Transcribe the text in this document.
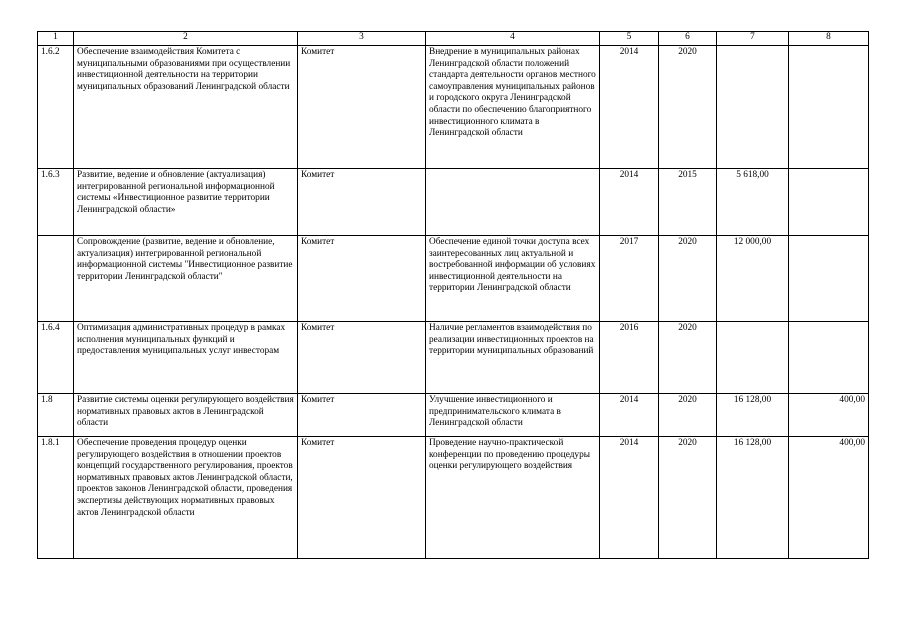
1	2	3	4	5	6	7	8
1.6.2	Обеспечение взаимодействия Комитета с муниципальными образованиями при осуществлении инвестиционной деятельности на территории муниципальных образований Ленинградской области	Комитет	Внедрение в муниципальных районах Ленинградской области положений стандарта деятельности органов местного самоуправления муниципальных районов и городского округа Ленинградской области по обеспечению благоприятного инвестиционного климата в Ленинградской области	2014	2020		
1.6.3	Развитие, ведение и обновление (актуализация) интегрированной региональной информационной системы «Инвестиционное развитие территории Ленинградской области»	Комитет		2014	2015	5 618,00	
	Сопровождение (развитие, ведение и обновление, актуализация) интегрированной региональной информационной системы "Инвестиционное развитие территории Ленинградской области"	Комитет	Обеспечение единой точки доступа всех заинтересованных лиц актуальной и востребованной информации об условиях инвестиционной деятельности на территории Ленинградской области	2017	2020	12 000,00	
1.6.4	Оптимизация административных процедур в рамках исполнения муниципальных функций и предоставления муниципальных услуг инвесторам	Комитет	Наличие регламентов взаимодействия по реализации инвестиционных проектов на территории муниципальных образований	2016	2020		
1.8	Развитие системы оценки регулирующего воздействия нормативных правовых актов в Ленинградской области	Комитет	Улучшение инвестиционного и предпринимательского климата в Ленинградской области	2014	2020	16 128,00	400,00
1.8.1	Обеспечение проведения процедур оценки регулирующего воздействия в отношении проектов концепций государственного регулирования, проектов нормативных правовых актов Ленинградской области, проектов законов Ленинградской области, проведения экспертизы действующих нормативных правовых актов Ленинградской области	Комитет	Проведение научно-практической конференции по проведению процедуры оценки регулирующего воздействия	2014	2020	16 128,00	400,00
